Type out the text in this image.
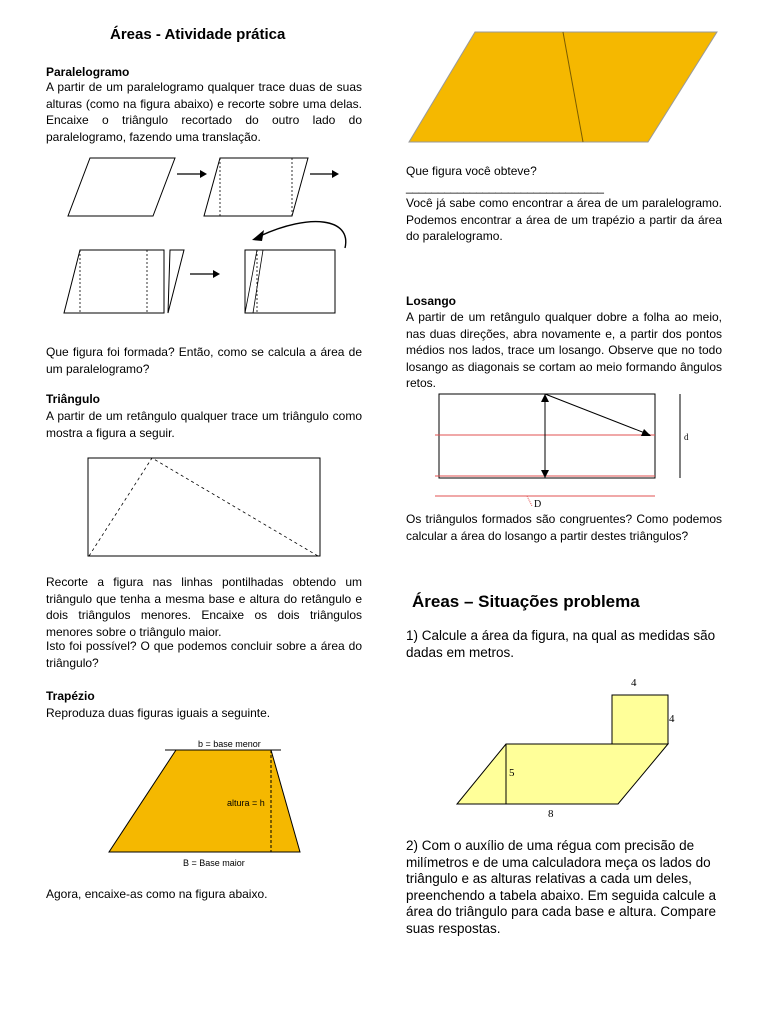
Áreas - Atividade prática
Paralelogramo

A partir de um paralelogramo qualquer trace duas de suas alturas (como na figura abaixo) e recorte sobre uma delas. Encaixe o triângulo recortado do outro lado do paralelogramo, fazendo uma translação.

Que figura foi formada? Então, como se calcula a área de um paralelogramo?

Triângulo

A partir de um retângulo qualquer trace um triângulo como mostra a figura a seguir.

Recorte a figura nas linhas pontilhadas obtendo um triângulo que tenha a mesma base e altura do retângulo e dois triângulos menores. Encaixe os dois triângulos menores sobre o triângulo maior.

Isto foi possível? O que podemos concluir sobre a área do triângulo?

Trapézio

Reproduza duas figuras iguais a seguinte.

b = base menor
altura = h
B = Base maior

Agora, encaixe-as como na figura abaixo.

Que figura você obteve?

_______________________________

Você já sabe como encontrar a área de um paralelogramo. Podemos encontrar a área de um trapézio a partir da área do paralelogramo.

Losango

A partir de um retângulo qualquer dobre a folha ao meio, nas duas direções, abra novamente e, a partir dos pontos médios nos lados, trace um losango. Observe que no todo losango as diagonais se cortam ao meio formando ângulos retos.

d
D

Os triângulos formados são congruentes? Como podemos calcular a área do losango a partir destes triângulos?

Áreas – Situações problema

1) Calcule a área da figura, na qual as medidas são dadas em metros.

4
4
5
8

2) Com o auxílio de uma régua com precisão de milímetros e de uma calculadora meça os lados do triângulo e as alturas relativas a cada um deles, preenchendo a tabela abaixo. Em seguida calcule a área do triângulo para cada base e altura. Compare suas respostas.
